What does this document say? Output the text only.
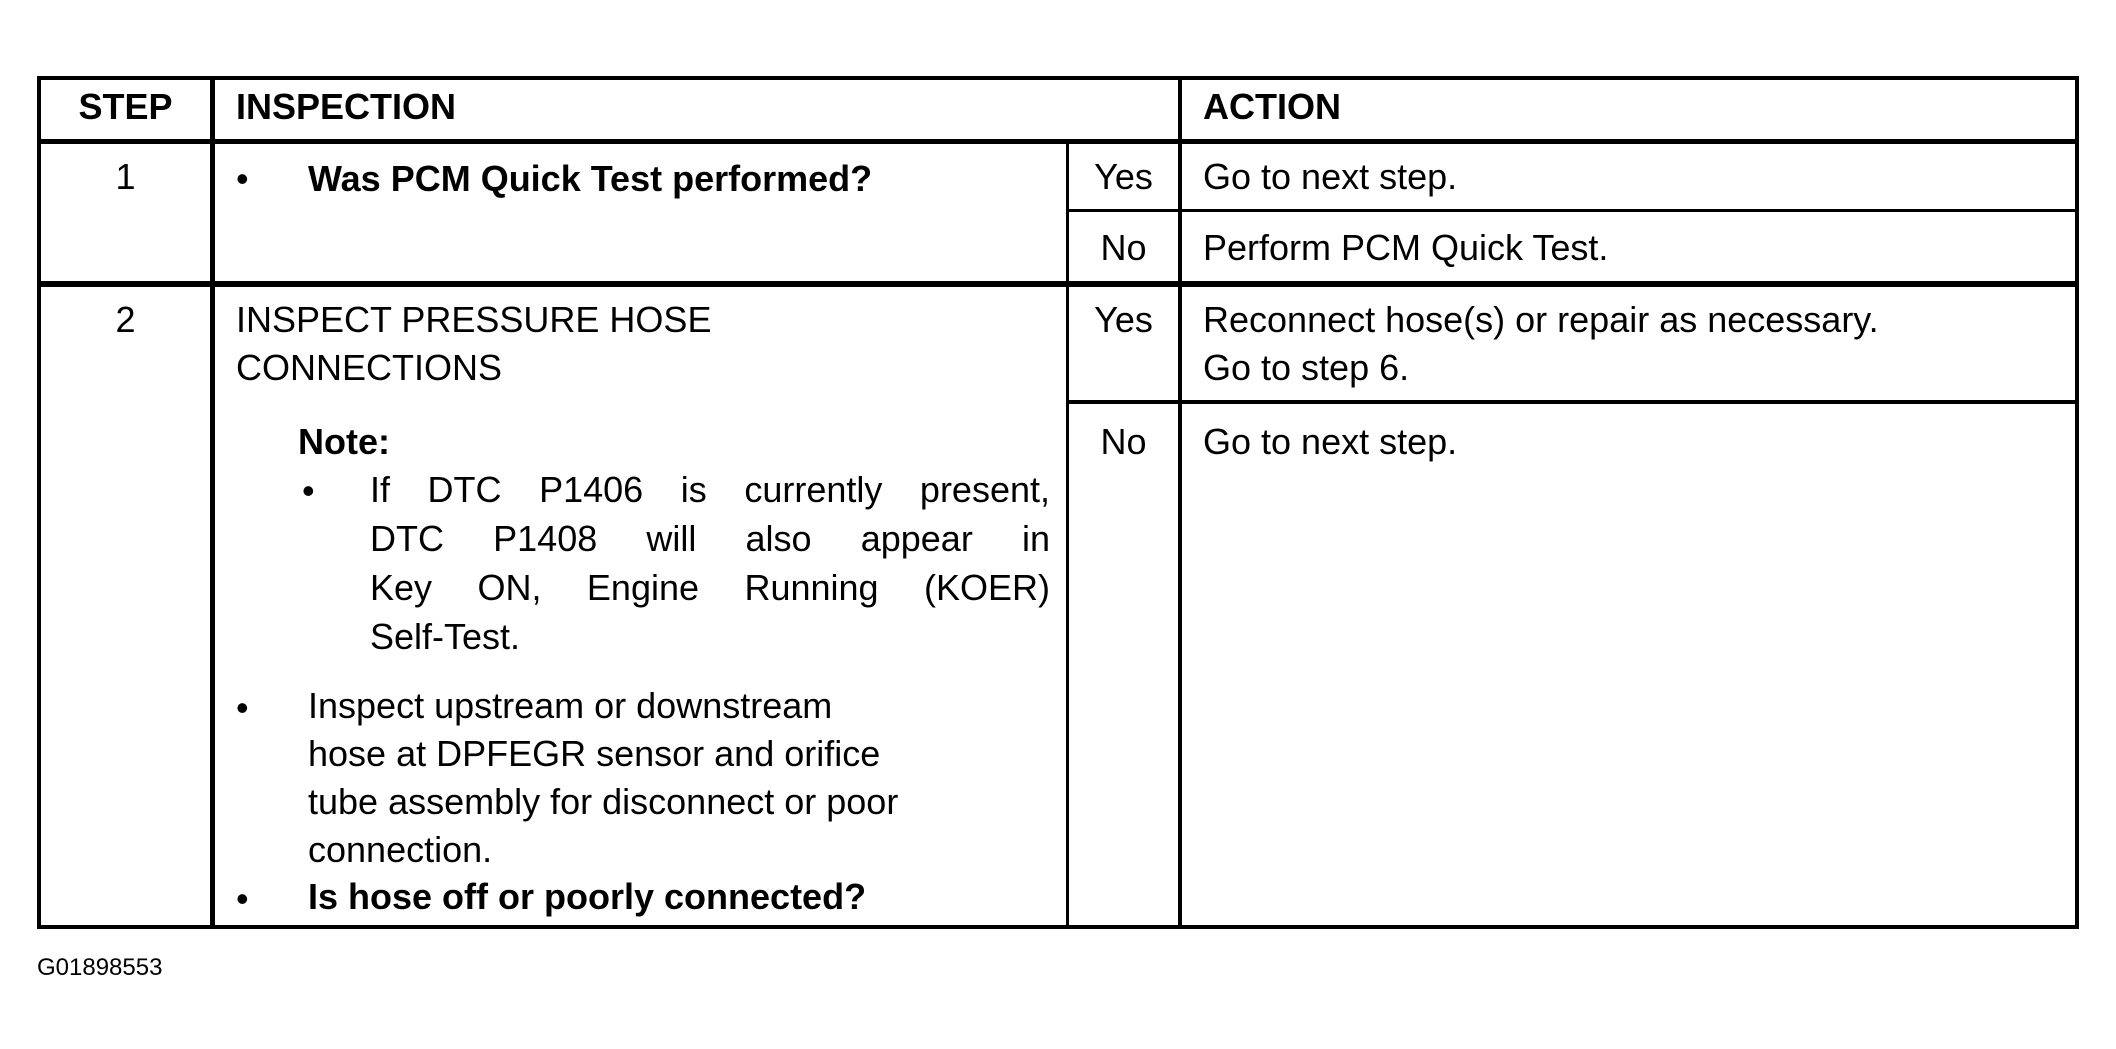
STEP	INSPECTION	ACTION
1	• Was PCM Quick Test performed?	Yes	Go to next step.
No	Perform PCM Quick Test.
2	INSPECT PRESSURE HOSE
CONNECTIONS
Note:
• If DTC P1406 is currently present,
DTC P1408 will also appear in
Key ON, Engine Running (KOER)
Self-Test.
• Inspect upstream or downstream
hose at DPFEGR sensor and orifice
tube assembly for disconnect or poor
connection.
• Is hose off or poorly connected?
Yes	Reconnect hose(s) or repair as necessary.
Go to step 6.
No	Go to next step.
G01898553
